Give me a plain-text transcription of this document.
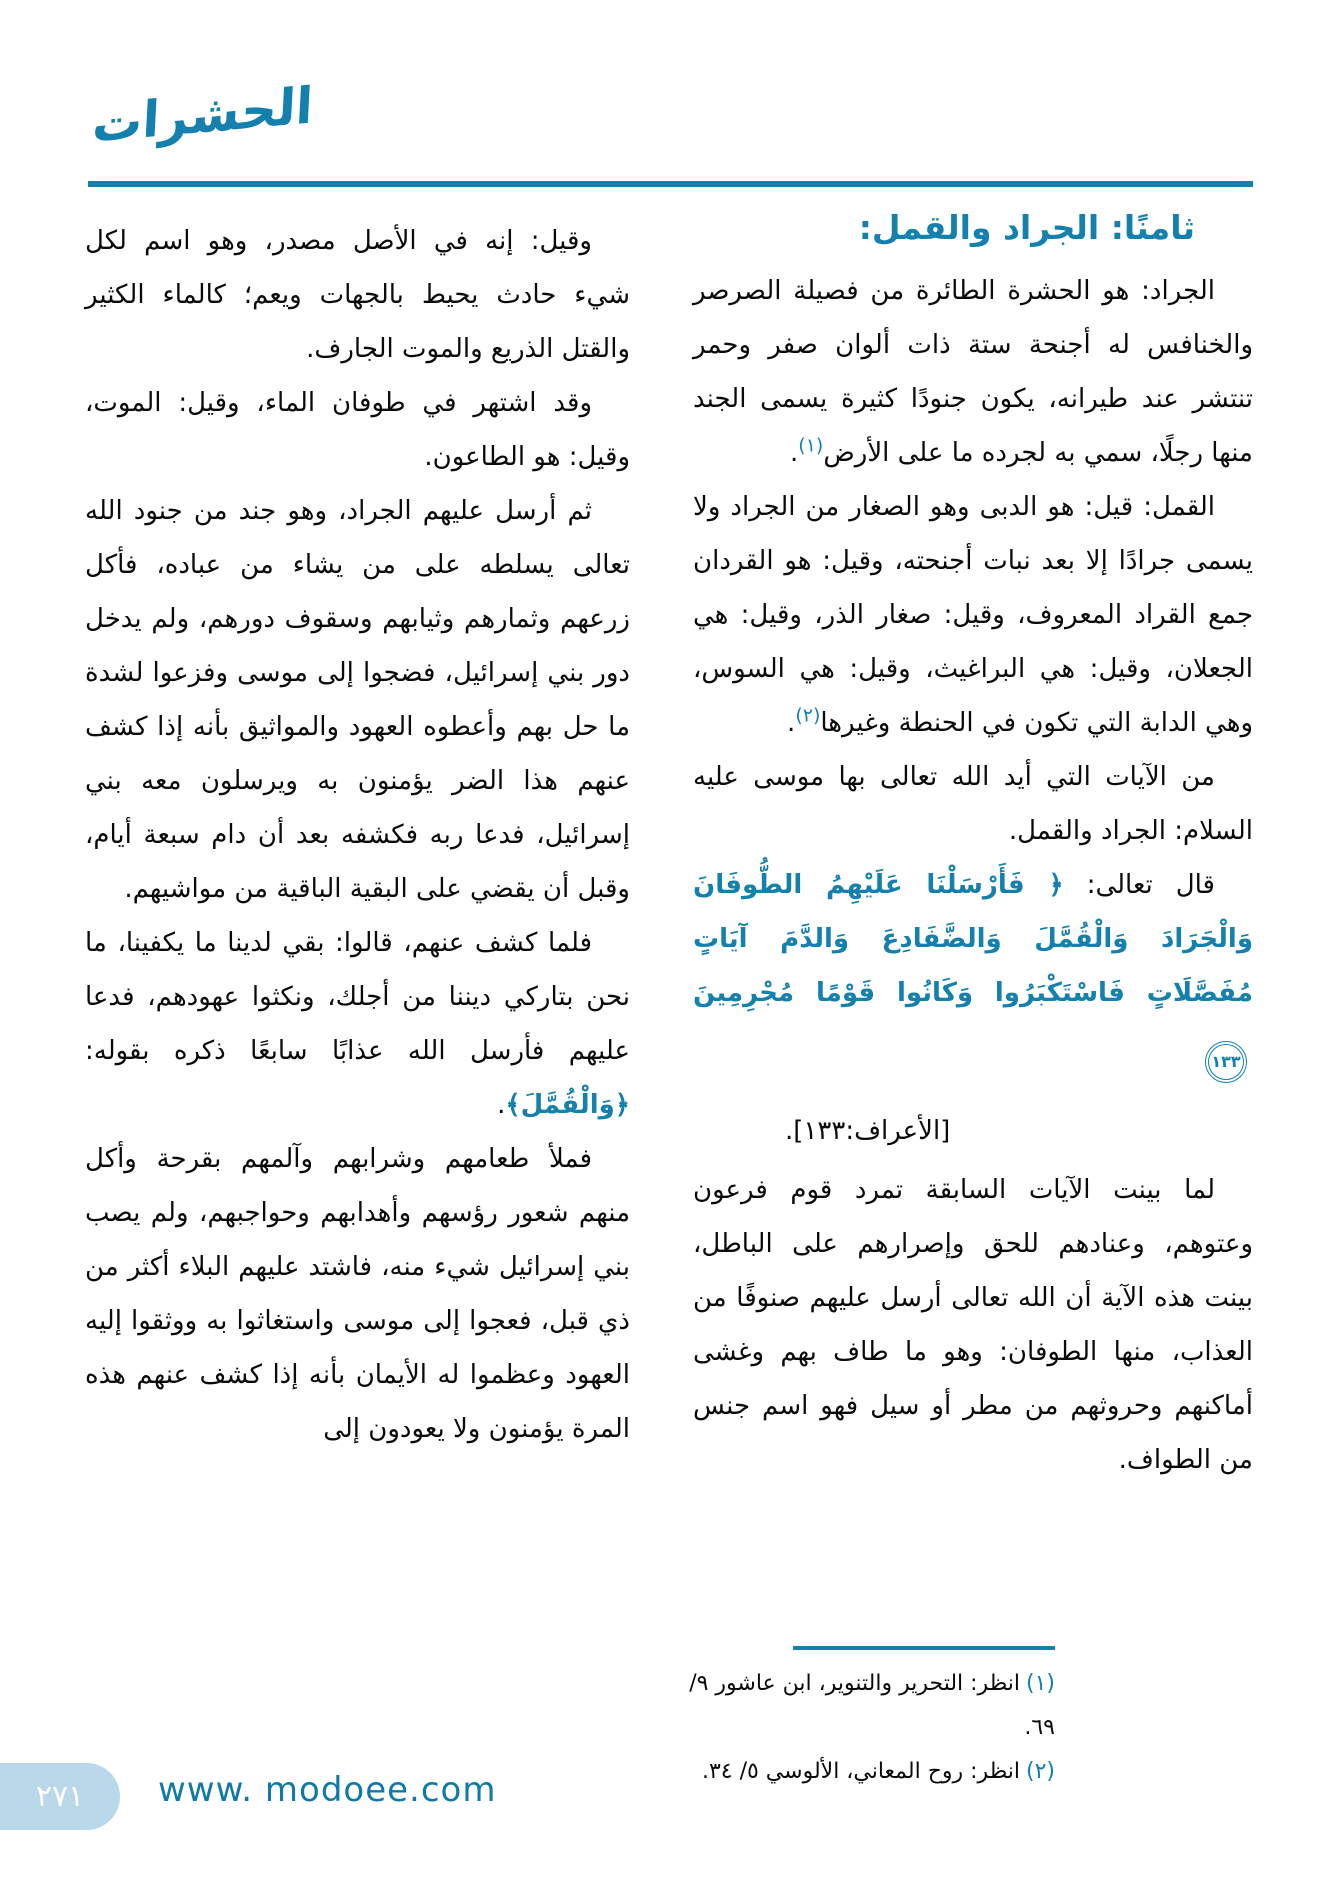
الحشرات
ثامنًا: الجراد والقمل:

الجراد: هو الحشرة الطائرة من فصيلة الصرصر والخنافس له أجنحة ستة ذات ألوان صفر وحمر تنتشر عند طيرانه، يكون جنودًا كثيرة يسمى الجند منها رجلًا، سمي به لجرده ما على الأرض$^{(١)}$.

القمل: قيل: هو الدبى وهو الصغار من الجراد ولا يسمى جرادًا إلا بعد نبات أجنحته، وقيل: هو القردان جمع القراد المعروف، وقيل: صغار الذر، وقيل: هي الجعلان، وقيل: هي البراغيث، وقيل: هي السوس، وهي الدابة التي تكون في الحنطة وغيرها$^{(٢)}$.

من الآيات التي أيد الله تعالى بها موسى عليه السلام: الجراد والقمل.

قال تعالى: ﴿ فَأَرْسَلْنَا عَلَيْهِمُ الطُّوفَانَ وَالْجَرَادَ وَالْقُمَّلَ وَالضَّفَادِعَ وَالدَّمَ آيَاتٍ مُفَصَّلَاتٍ فَاسْتَكْبَرُوا وَكَانُوا قَوْمًا مُجْرِمِينَ ١٣٣

[الأعراف:١٣٣].

لما بينت الآيات السابقة تمرد قوم فرعون وعتوهم، وعنادهم للحق وإصرارهم على الباطل، بينت هذه الآية أن الله تعالى أرسل عليهم صنوفًا من العذاب، منها الطوفان: وهو ما طاف بهم وغشى أماكنهم وحروثهم من مطر أو سيل فهو اسم جنس من الطواف.

وقيل: إنه في الأصل مصدر، وهو اسم لكل شيء حادث يحيط بالجهات ويعم؛ كالماء الكثير والقتل الذريع والموت الجارف.

وقد اشتهر في طوفان الماء، وقيل: الموت، وقيل: هو الطاعون.

ثم أرسل عليهم الجراد، وهو جند من جنود الله تعالى يسلطه على من يشاء من عباده، فأكل زرعهم وثمارهم وثيابهم وسقوف دورهم، ولم يدخل دور بني إسرائيل، فضجوا إلى موسى وفزعوا لشدة ما حل بهم وأعطوه العهود والمواثيق بأنه إذا كشف عنهم هذا الضر يؤمنون به ويرسلون معه بني إسرائيل، فدعا ربه فكشفه بعد أن دام سبعة أيام، وقبل أن يقضي على البقية الباقية من مواشيهم.

فلما كشف عنهم، قالوا: بقي لدينا ما يكفينا، ما نحن بتاركي ديننا من أجلك، ونكثوا عهودهم، فدعا عليهم فأرسل الله عذابًا سابعًا ذكره بقوله: ﴿وَالْقُمَّلَ﴾.

فملأ طعامهم وشرابهم وآلمهم بقرحة وأكل منهم شعور رؤسهم وأهدابهم وحواجبهم، ولم يصب بني إسرائيل شيء منه، فاشتد عليهم البلاء أكثر من ذي قبل، فعجوا إلى موسى واستغاثوا به ووثقوا إليه العهود وعظموا له الأيمان بأنه إذا كشف عنهم هذه المرة يؤمنون ولا يعودون إلى

(١)انظر: التحرير والتنوير، ابن عاشور ٩/ ٦٩.

(٢)انظر: روح المعاني، الألوسي ٥/ ٣٤.

٢٧١ www. modoee.com
